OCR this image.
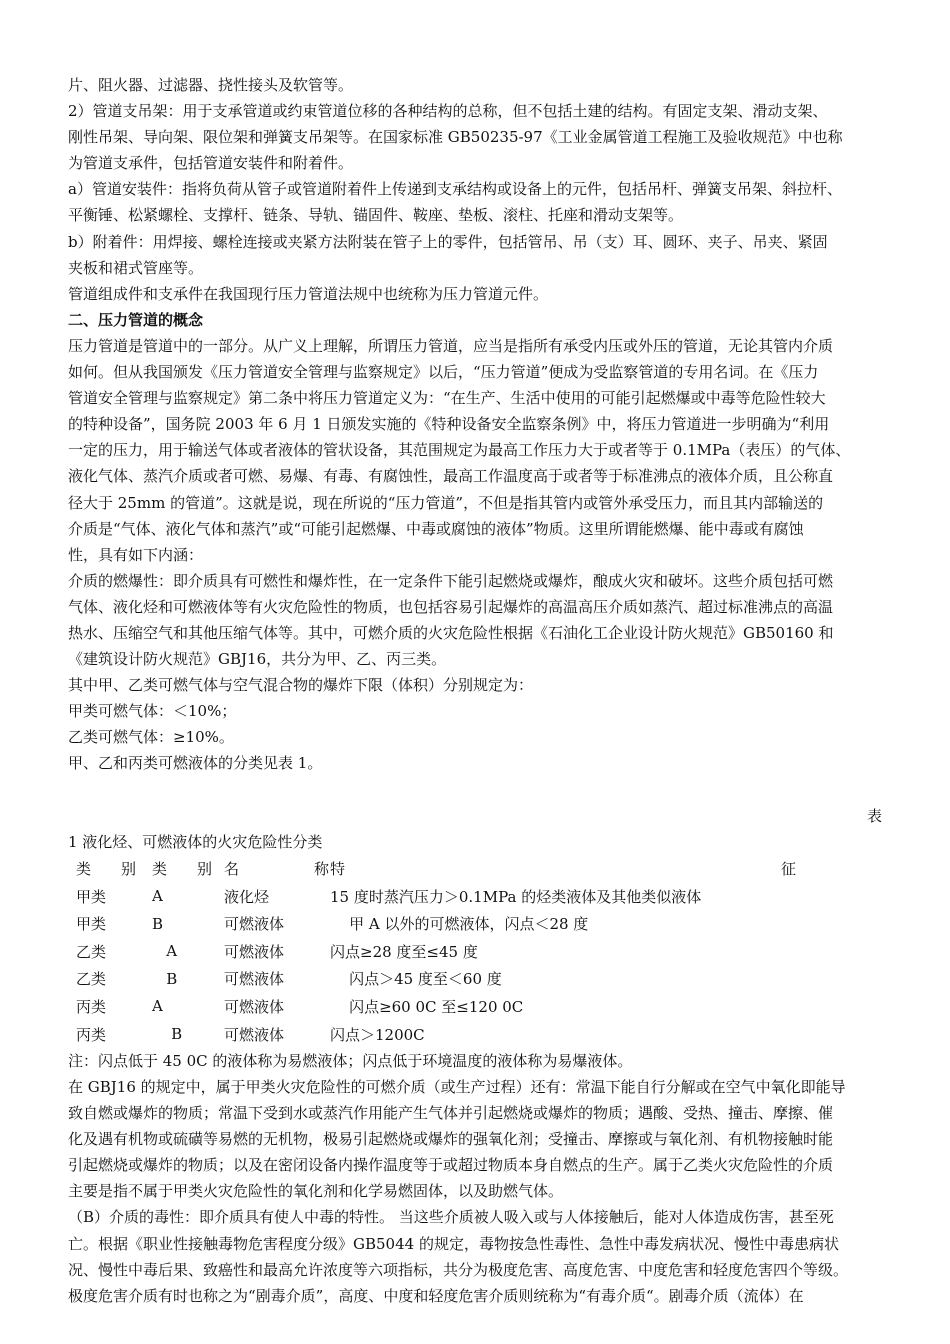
片、阻火器、过滤器、挠性接头及软管等。

2）管道支吊架：用于支承管道或约束管道位移的各种结构的总称，但不包括土建的结构。有固定支架、滑动支架、

刚性吊架、导向架、限位架和弹簧支吊架等。在国家标准 GB50235-97《工业金属管道工程施工及验收规范》中也称

为管道支承件，包括管道安装件和附着件。

a）管道安装件：指将负荷从管子或管道附着件上传递到支承结构或设备上的元件，包括吊杆、弹簧支吊架、斜拉杆、

平衡锤、松紧螺栓、支撑杆、链条、导轨、锚固件、鞍座、垫板、滚柱、托座和滑动支架等。

b）附着件：用焊接、螺栓连接或夹紧方法附装在管子上的零件，包括管吊、吊（支）耳、圆环、夹子、吊夹、紧固

夹板和裙式管座等。

管道组成件和支承件在我国现行压力管道法规中也统称为压力管道元件。

二、压力管道的概念

压力管道是管道中的一部分。从广义上理解，所谓压力管道，应当是指所有承受内压或外压的管道，无论其管内介质

如何。但从我国颁发《压力管道安全管理与监察规定》以后，“压力管道”便成为受监察管道的专用名词。在《压力

管道安全管理与监察规定》第二条中将压力管道定义为：“在生产、生活中使用的可能引起燃爆或中毒等危险性较大

的特种设备”，国务院 2003 年 6 月 1 日颁发实施的《特种设备安全监察条例》中，将压力管道进一步明确为“利用

一定的压力，用于输送气体或者液体的管状设备，其范围规定为最高工作压力大于或者等于 0.1MPa（表压）的气体、

液化气体、蒸汽介质或者可燃、易爆、有毒、有腐蚀性，最高工作温度高于或者等于标准沸点的液体介质，且公称直

径大于 25mm 的管道”。这就是说，现在所说的“压力管道”，不但是指其管内或管外承受压力，而且其内部输送的

介质是“气体、液化气体和蒸汽”或“可能引起燃爆、中毒或腐蚀的液体”物质。这里所谓能燃爆、能中毒或有腐蚀

性，具有如下内涵：

介质的燃爆性：即介质具有可燃性和爆炸性，在一定条件下能引起燃烧或爆炸，酿成火灾和破坏。这些介质包括可燃

气体、液化烃和可燃液体等有火灾危险性的物质，也包括容易引起爆炸的高温高压介质如蒸汽、超过标准沸点的高温

热水、压缩空气和其他压缩气体等。其中，可燃介质的火灾危险性根据《石油化工企业设计防火规范》GB50160 和

《建筑设计防火规范》GBJ16，共分为甲、乙、丙三类。

其中甲、乙类可燃气体与空气混合物的爆炸下限（体积）分别规定为：

甲类可燃气体：＜10%；

乙类可燃气体：≥10%。

甲、乙和丙类可燃液体的分类见表 1。

表

1 液化烃、可燃液体的火灾危险性分类

类　　别	类　　别	名　　　　　称	特 征
甲类	A	液化烃	15 度时蒸汽压力＞0.1MPa 的烃类液体及其他类似液体
甲类	B	可燃液体	甲 A 以外的可燃液体，闪点＜28 度
乙类	A	可燃液体	闪点≥28 度至≤45 度
乙类	B	可燃液体	闪点＞45 度至＜60 度
丙类	A	可燃液体	闪点≥60 0C 至≤120 0C
丙类	B	可燃液体	闪点＞1200C

注：闪点低于 45 0C 的液体称为易燃液体；闪点低于环境温度的液体称为易爆液体。

在 GBJ16 的规定中，属于甲类火灾危险性的可燃介质（或生产过程）还有：常温下能自行分解或在空气中氧化即能导

致自燃或爆炸的物质；常温下受到水或蒸汽作用能产生气体并引起燃烧或爆炸的物质；遇酸、受热、撞击、摩擦、催

化及遇有机物或硫磺等易燃的无机物，极易引起燃烧或爆炸的强氧化剂；受撞击、摩擦或与氧化剂、有机物接触时能

引起燃烧或爆炸的物质；以及在密闭设备内操作温度等于或超过物质本身自燃点的生产。属于乙类火灾危险性的介质

主要是指不属于甲类火灾危险性的氧化剂和化学易燃固体，以及助燃气体。

（B）介质的毒性：即介质具有使人中毒的特性。 当这些介质被人吸入或与人体接触后，能对人体造成伤害，甚至死

亡。根据《职业性接触毒物危害程度分级》GB5044 的规定，毒物按急性毒性、急性中毒发病状况、慢性中毒患病状

况、慢性中毒后果、致癌性和最高允许浓度等六项指标，共分为极度危害、高度危害、中度危害和轻度危害四个等级。

极度危害介质有时也称之为“剧毒介质”，高度、中度和轻度危害介质则统称为“有毒介质“。剧毒介质（流体）在
